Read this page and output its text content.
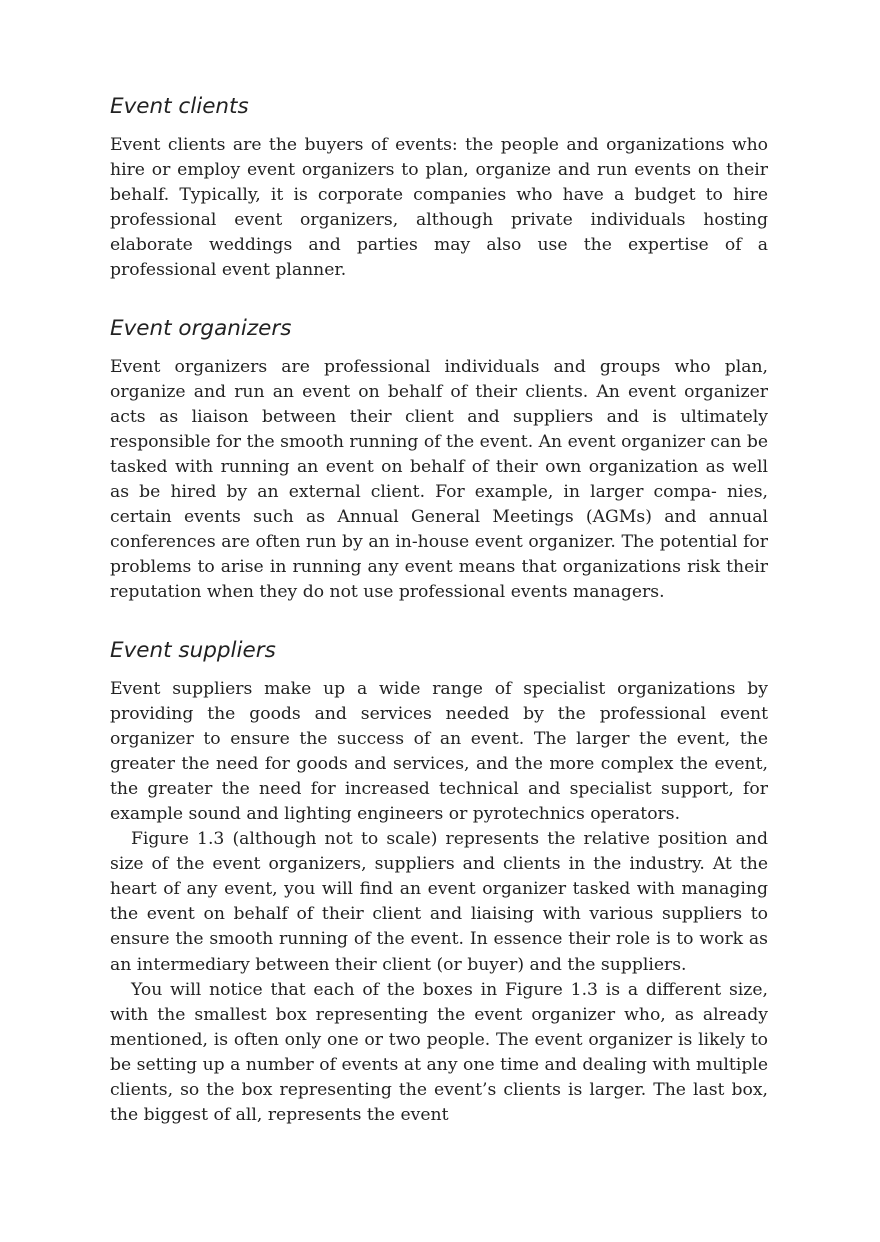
Event clients

Event clients are the buyers of events: the people and organizations who hire or employ event organizers to plan, organize and run events on their behalf. Typically, it is corporate companies who have a budget to hire professional event organizers, although private individuals hosting elaborate weddings and parties may also use the expertise of a professional event planner.

Event organizers

Event organizers are professional individuals and groups who plan, organize and run an event on behalf of their clients. An event organizer acts as liaison between their client and suppliers and is ultimately responsible for the smooth running of the event. An event organizer can be tasked with running an event on behalf of their own organization as well as be hired by an external client. For example, in larger compa- nies, certain events such as Annual General Meetings (AGMs) and annual conferences are often run by an in-house event organizer. The potential for problems to arise in running any event means that organizations risk their reputation when they do not use professional events managers.

Event suppliers

Event suppliers make up a wide range of specialist organizations by providing the goods and services needed by the professional event organizer to ensure the success of an event. The larger the event, the greater the need for goods and services, and the more complex the event, the greater the need for increased technical and specialist support, for example sound and lighting engineers or pyrotechnics operators.

Figure 1.3 (although not to scale) represents the relative position and size of the event organizers, suppliers and clients in the industry. At the heart of any event, you will find an event organizer tasked with managing the event on behalf of their client and liaising with various suppliers to ensure the smooth running of the event. In essence their role is to work as an intermediary between their client (or buyer) and the suppliers.

You will notice that each of the boxes in Figure 1.3 is a different size, with the smallest box representing the event organizer who, as already mentioned, is often only one or two people. The event organizer is likely to be setting up a number of events at any one time and dealing with multiple clients, so the box representing the event’s clients is larger. The last box, the biggest of all, represents the event
